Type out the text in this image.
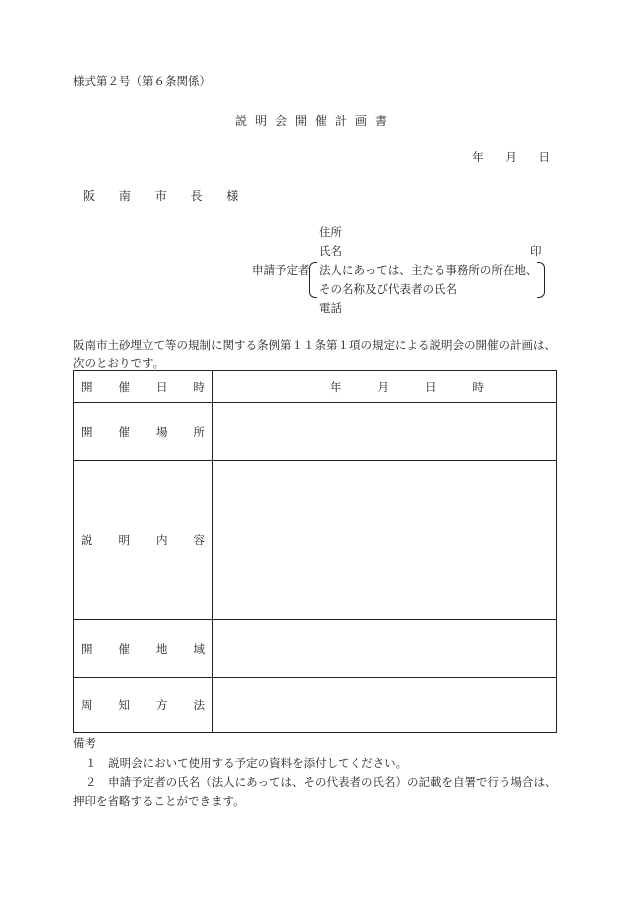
様式第２号（第６条関係）
説明会開催計画書
年 月 日
阪 南 市 長 様
住所
氏名	印
申請予定者 法人にあっては、主たる事務所の所在地、
その名称及び代表者の氏名
電話
阪南市土砂埋立て等の規制に関する条例第１１条第１項の規定による説明会の開催の計画は、次のとおりです。
開 催 日 時	年 月 日 時

開 催 場 所	

説 明 内 容	

開 催 地 域	

周 知 方 法	

備考
１ 説明会において使用する予定の資料を添付してください。
２ 申請予定者の氏名（法人にあっては、その代表者の氏名）の記載を自署で行う場合は、押印を省略することができます。
